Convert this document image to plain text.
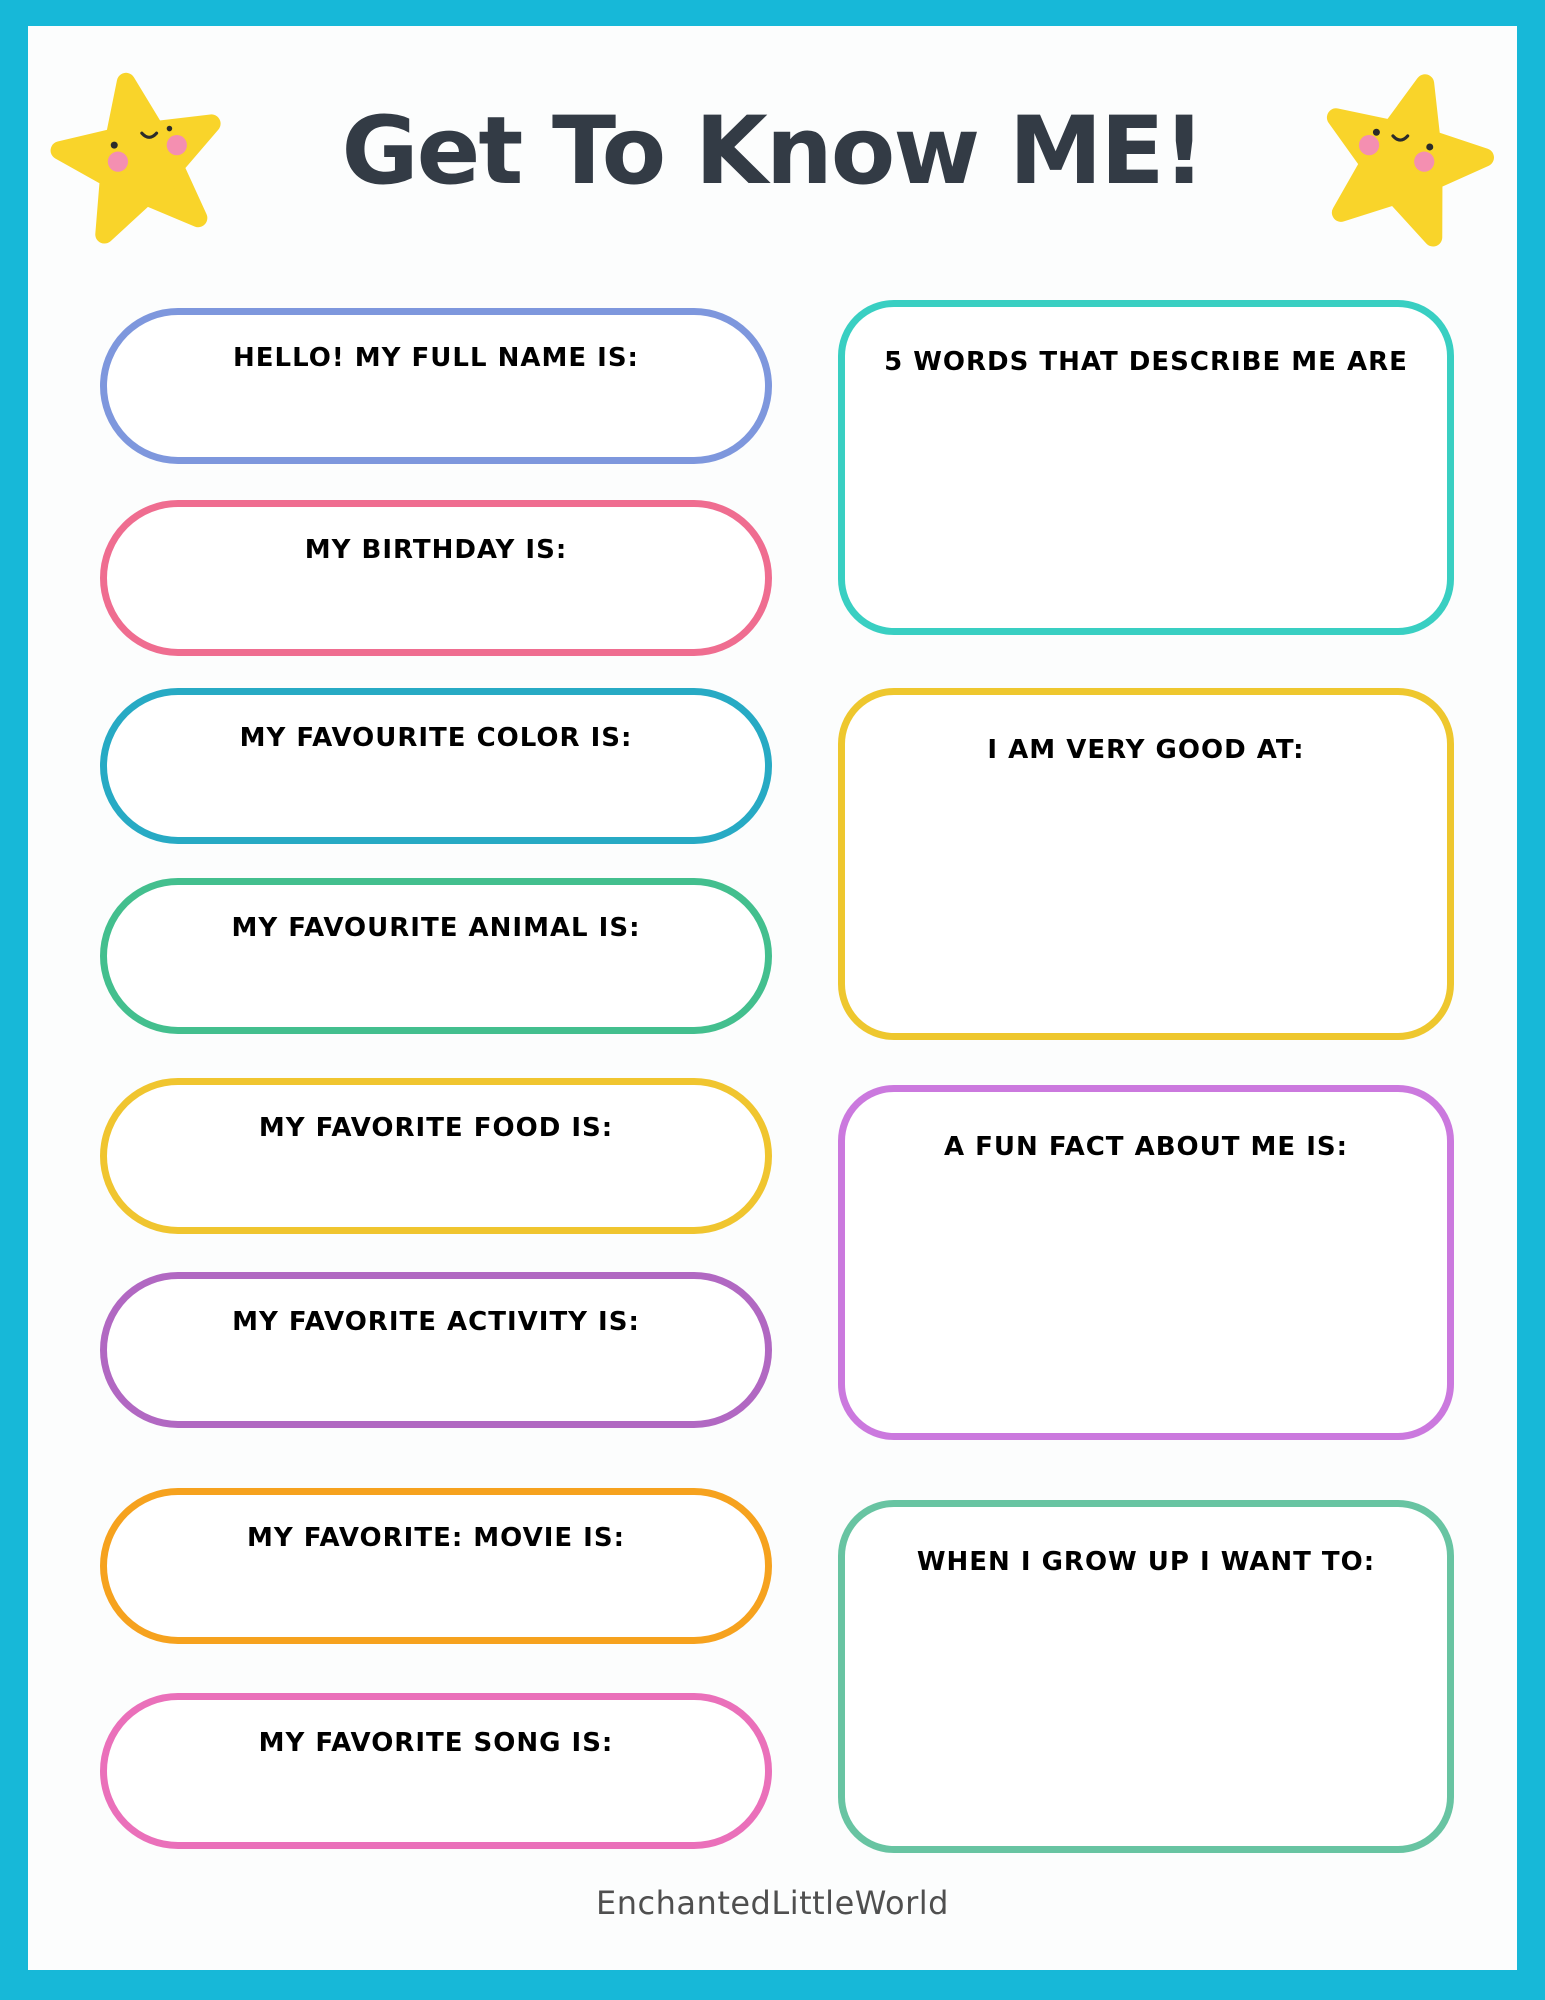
Get To Know ME!
HELLO! MY FULL NAME IS:
MY BIRTHDAY IS:
MY FAVOURITE COLOR IS:
MY FAVOURITE ANIMAL IS:
MY FAVORITE FOOD IS:
MY FAVORITE ACTIVITY IS:
MY FAVORITE: MOVIE IS:
MY FAVORITE SONG IS:
5 WORDS THAT DESCRIBE ME ARE
I AM VERY GOOD AT:
A FUN FACT ABOUT ME IS:
WHEN I GROW UP I WANT TO:
EnchantedLittleWorld
